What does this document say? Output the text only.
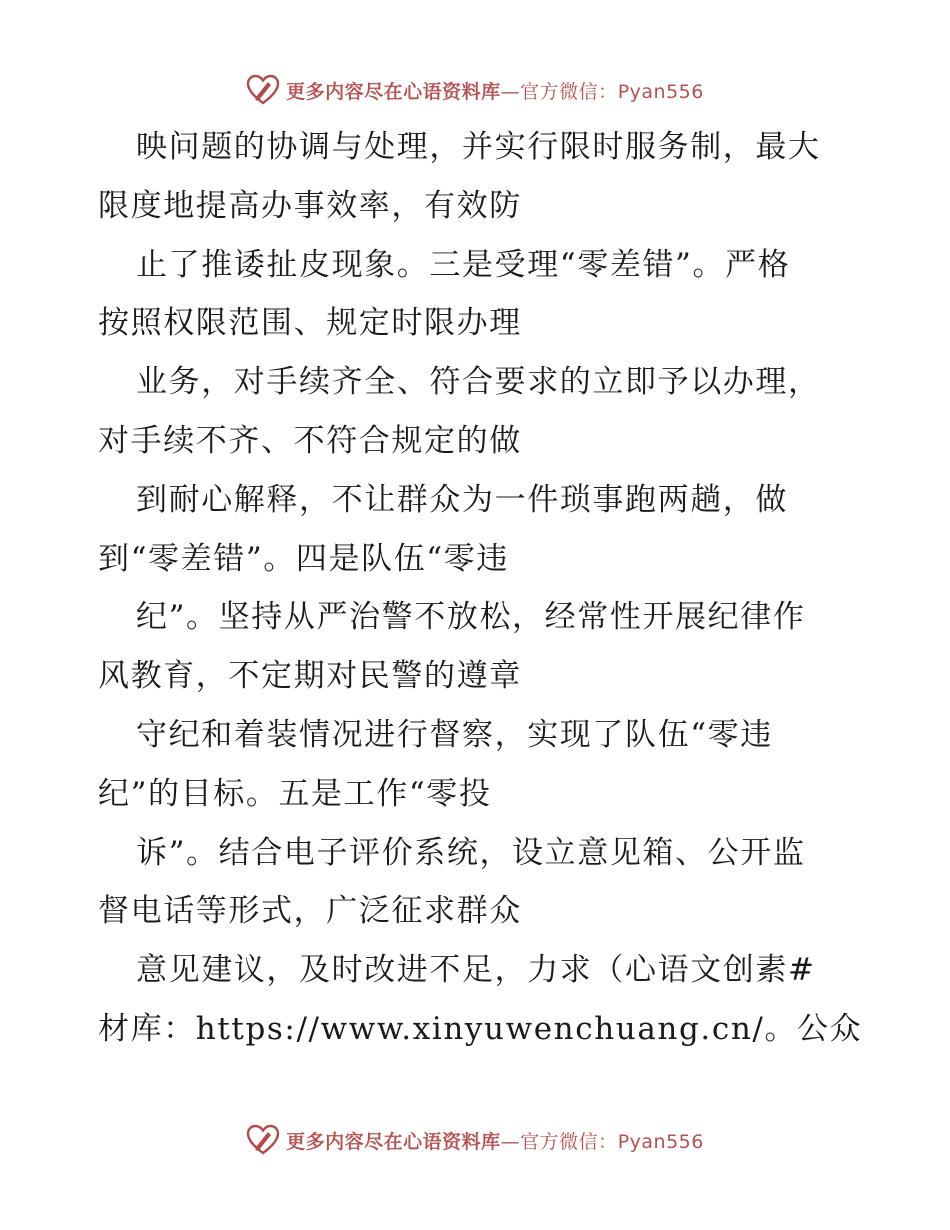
更多内容尽在心语资料库—官方微信：Pyan556
映问题的协调与处理，并实行限时服务制，最大
限度地提高办事效率，有效防
止了推诿扯皮现象。三是受理“零差错”。严格
按照权限范围、规定时限办理
业务，对手续齐全、符合要求的立即予以办理，
对手续不齐、不符合规定的做
到耐心解释，不让群众为一件琐事跑两趟，做
到“零差错”。四是队伍“零违
纪”。坚持从严治警不放松，经常性开展纪律作
风教育，不定期对民警的遵章
守纪和着装情况进行督察，实现了队伍“零违
纪”的目标。五是工作“零投
诉”。结合电子评价系统，设立意见箱、公开监
督电话等形式，广泛征求群众
意见建议，及时改进不足，力求（心语文创素#
材库：https://www.xinyuwenchuang.cn/。公众
更多内容尽在心语资料库—官方微信：Pyan556
